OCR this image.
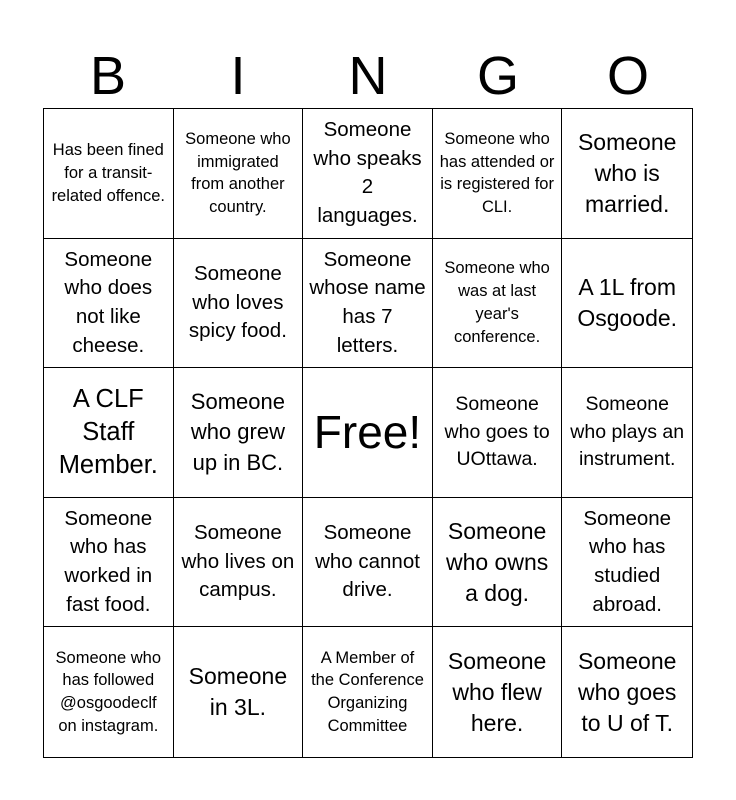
B	I	N	G	O
Has been fined for a transit-related offence.
Someone who immigrated from another country.
Someone who speaks 2 languages.
Someone who has attended or is registered for CLI.
Someone who is married.
Someone who does not like cheese.
Someone who loves spicy food.
Someone whose name has 7 letters.
Someone who was at last year's conference.
A 1L from Osgoode.
A CLF Staff Member.
Someone who grew up in BC.
Free!
Someone who goes to UOttawa.
Someone who plays an instrument.
Someone who has worked in fast food.
Someone who lives on campus.
Someone who cannot drive.
Someone who owns a dog.
Someone who has studied abroad.
Someone who has followed @osgoodeclf on instagram.
Someone in 3L.
A Member of the Conference Organizing Committee
Someone who flew here.
Someone who goes to U of T.
